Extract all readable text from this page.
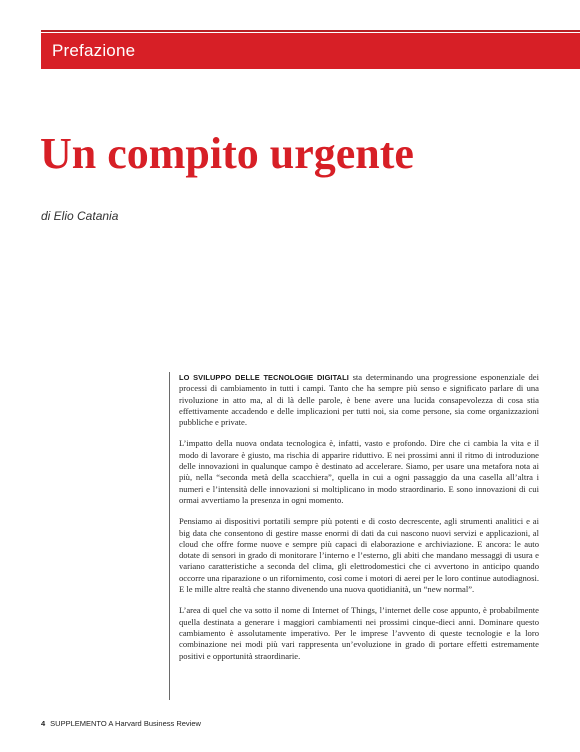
Prefazione
Un compito urgente
di Elio Catania

LO SVILUPPO DELLE TECNOLOGIE DIGITALI sta determinando una progressione esponenziale dei processi di cambiamento in tutti i campi. Tanto che ha sempre più senso e significato parlare di una rivoluzione in atto ma, al di là delle parole, è bene avere una lucida consapevolezza di cosa stia effettivamente accadendo e delle implicazioni per tutti noi, sia come persone, sia come organizzazioni pubbliche e private.

L’impatto della nuova ondata tecnologica è, infatti, vasto e profondo. Dire che ci cambia la vita e il modo di lavorare è giusto, ma rischia di apparire riduttivo. E nei prossimi anni il ritmo di introduzione delle innovazioni in qualunque campo è destinato ad accelerare. Siamo, per usare una metafora nota ai più, nella “seconda metà della scacchiera”, quella in cui a ogni passaggio da una casella all’altra i numeri e l’intensità delle innovazioni si moltiplicano in modo straordinario. E sono innovazioni di cui ormai avvertiamo la presenza in ogni momento.

Pensiamo ai dispositivi portatili sempre più potenti e di costo decrescente, agli strumenti analitici e ai big data che consentono di gestire masse enormi di dati da cui nascono nuovi servizi e applicazioni, al cloud che offre forme nuove e sempre più capaci di elaborazione e archiviazione. E ancora: le auto dotate di sensori in grado di monitorare l’interno e l’esterno, gli abiti che mandano messaggi di usura e variano caratteristiche a seconda del clima, gli elettrodomestici che ci avvertono in anticipo quando occorre una riparazione o un rifornimento, così come i motori di aerei per le loro continue autodiagnosi. E le mille altre realtà che stanno divenendo una nuova quotidianità, un “new normal”.

L’area di quel che va sotto il nome di Internet of Things, l’internet delle cose appunto, è probabilmente quella destinata a generare i maggiori cambiamenti nei prossimi cinque-dieci anni. Dominare questo cambiamento è assolutamente imperativo. Per le imprese l’avvento di queste tecnologie e la loro combinazione nei modi più vari rappresenta un’evoluzione in grado di portare effetti estremamente positivi e opportunità straordinarie.

4 SUPPLEMENTO A Harvard Business Review
